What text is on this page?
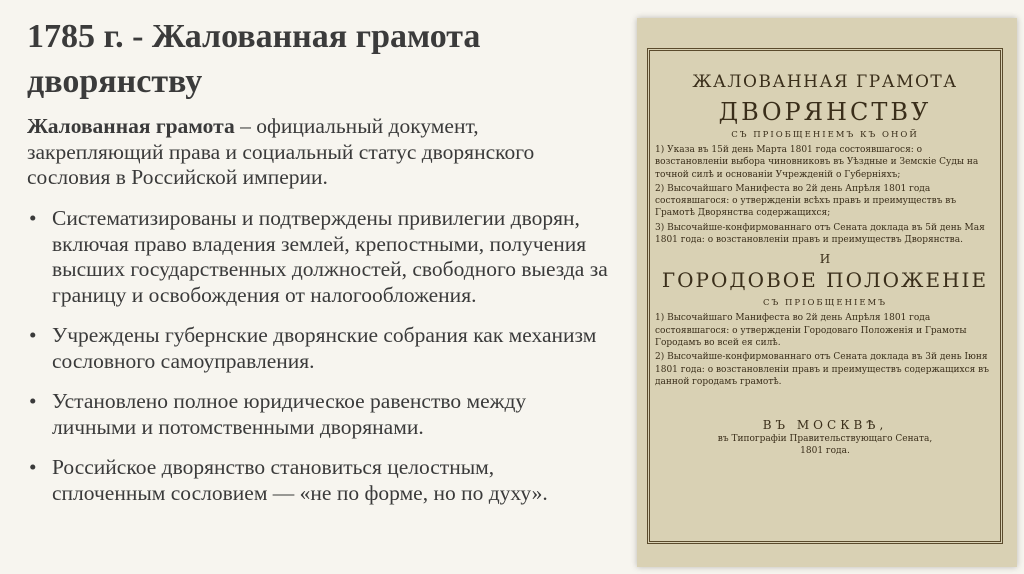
1785 г. - Жалованная грамота дворянству

Жалованная грамота – официальный документ, закрепляющий права и социальный статус дворянского сословия в Российской империи.

• Систематизированы и подтверждены привилегии дворян, включая право владения землей, крепостными, получения высших государственных должностей, свободного выезда за границу и освобождения от налогообложения.
• Учреждены губернские дворянские собрания как механизм сословного самоуправления.
• Установлено полное юридическое равенство между личными и потомственными дворянами.
• Российское дворянство становиться целостным, сплоченным сословием — «не по форме, но по духу».
ЖАЛОВАННАЯ ГРАМОТА
ДВОРЯНСТВУ
СЪ ПРІОБЩЕНІЕМЪ КЪ ОНОЙ

1) Указа въ 15й день Марта 1801 года состоявшагося: о возстановленіи выбора чиновниковъ въ Уѣздные и Земскіе Суды на точной силѣ и основаніи Учрежденій о Губерніяхъ;

2) Высочайшаго Манифеста во 2й день Апрѣля 1801 года состоявшагося: о утвержденіи всѣхъ правъ и преимуществъ въ Грамотѣ Дворянства содержащихся;

3) Высочайше-конфирмованнаго отъ Сената доклада въ 5й день Мая 1801 года: о возстановленіи правъ и преимуществъ Дворянства.

И
ГОРОДОВОЕ ПОЛОЖЕНІЕ
СЪ ПРІОБЩЕНІЕМЪ

1) Высочайшаго Манифеста во 2й день Апрѣля 1801 года состоявшагося: о утвержденіи Городоваго Положенія и Грамоты Городамъ во всей ея силѣ.

2) Высочайше-конфирмованнаго отъ Сената доклада въ 3й день Іюня 1801 года: о возстановленіи правъ и преимуществъ содержащихся въ данной городамъ грамотѣ.

ВЪ МОСКВѢ,
въ Типографіи Правительствующаго Сената,
1801 года.
